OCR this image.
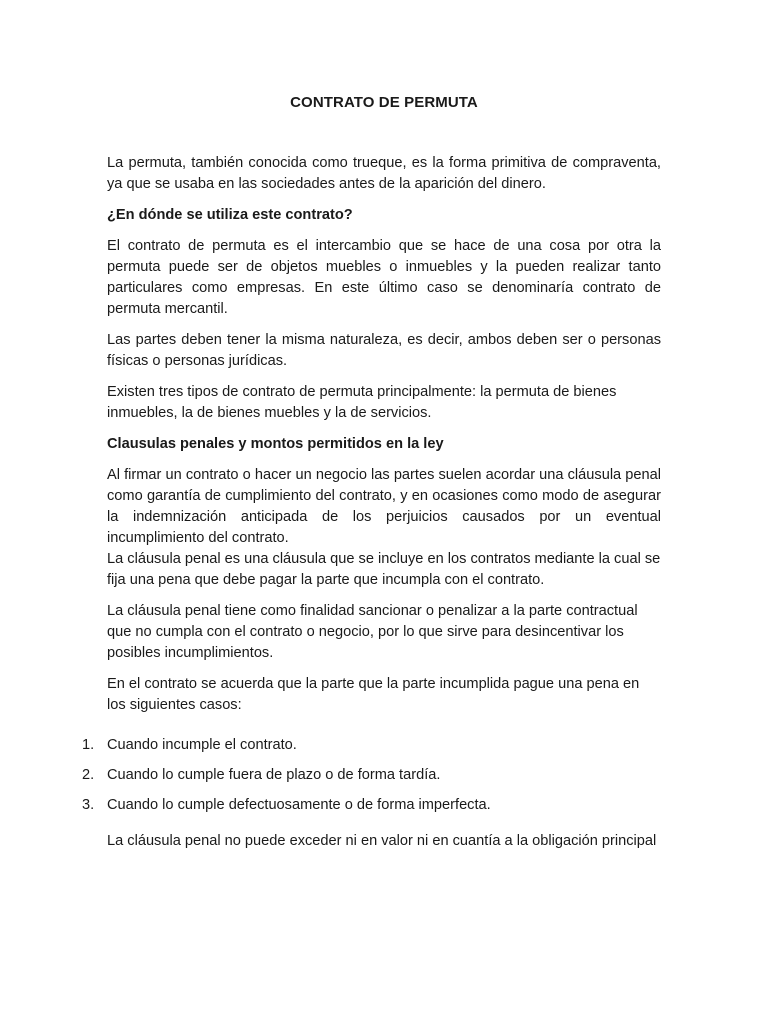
CONTRATO DE PERMUTA

La permuta, también conocida como trueque, es la forma primitiva de compraventa, ya que se usaba en las sociedades antes de la aparición del dinero.

¿En dónde se utiliza este contrato?

El contrato de permuta es el intercambio que se hace de una cosa por otra la permuta puede ser de objetos muebles o inmuebles y la pueden realizar tanto particulares como empresas. En este último caso se denominaría contrato de permuta mercantil.

Las partes deben tener la misma naturaleza, es decir, ambos deben ser o personas físicas o personas jurídicas.

Existen tres tipos de contrato de permuta principalmente: la permuta de bienes inmuebles, la de bienes muebles y la de servicios.

Clausulas penales y montos permitidos en la ley

Al firmar un contrato o hacer un negocio las partes suelen acordar una cláusula penal como garantía de cumplimiento del contrato, y en ocasiones como modo de asegurar la indemnización anticipada de los perjuicios causados por un eventual incumplimiento del contrato.

La cláusula penal es una cláusula que se incluye en los contratos mediante la cual se fija una pena que debe pagar la parte que incumpla con el contrato.

La cláusula penal tiene como finalidad sancionar o penalizar a la parte contractual que no cumpla con el contrato o negocio, por lo que sirve para desincentivar los posibles incumplimientos.

En el contrato se acuerda que la parte que la parte incumplida pague una pena en los siguientes casos:

1. Cuando incumple el contrato.
2. Cuando lo cumple fuera de plazo o de forma tardía.
3. Cuando lo cumple defectuosamente o de forma imperfecta.

La cláusula penal no puede exceder ni en valor ni en cuantía a la obligación principal
